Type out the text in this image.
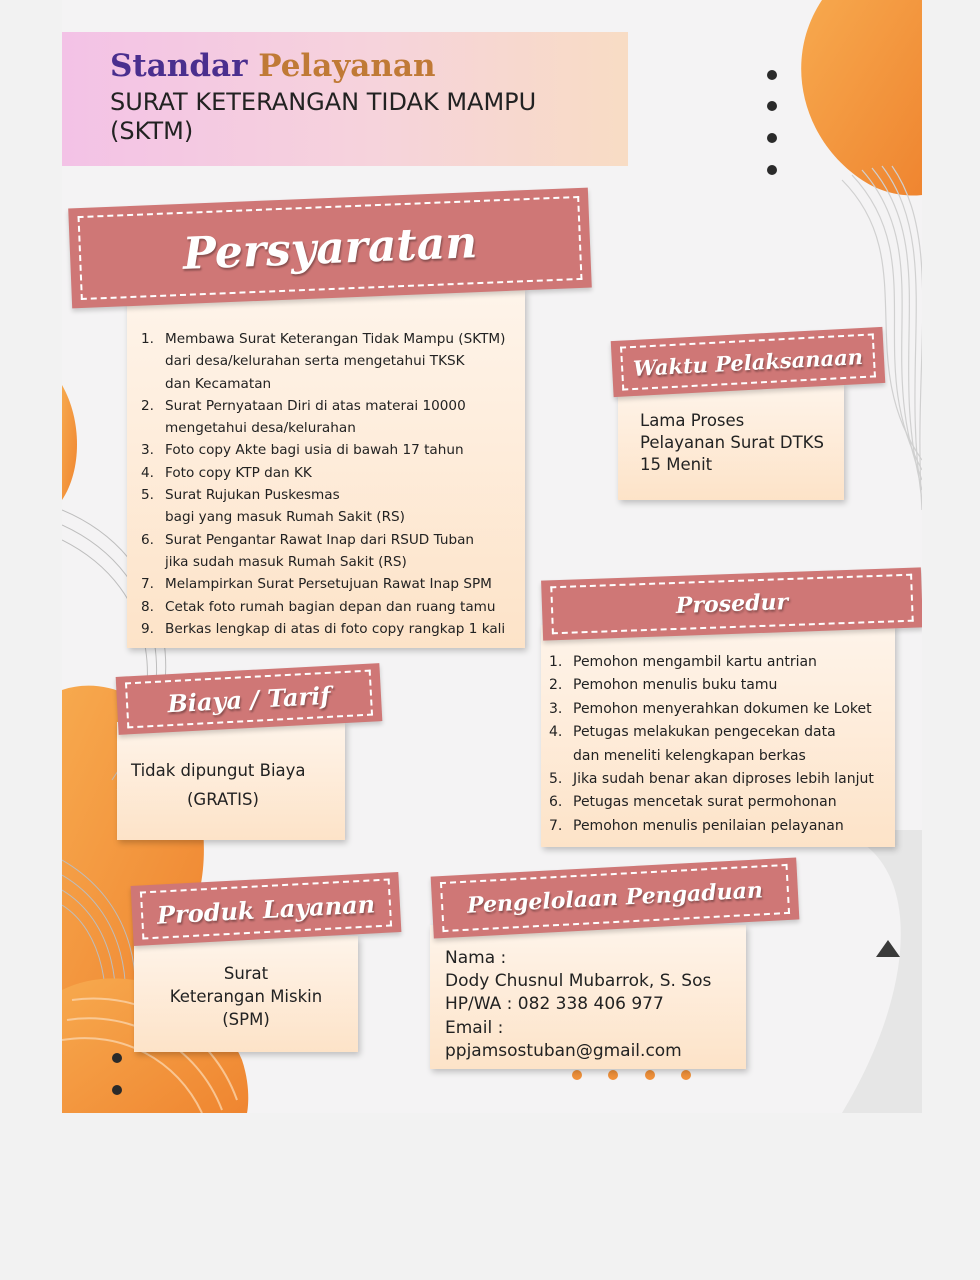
Standar Pelayanan
SURAT KETERANGAN TIDAK MAMPU
(SKTM)
1. Membawa Surat Keterangan Tidak Mampu (SKTM)
dari desa/kelurahan serta mengetahui TKSK
dan Kecamatan
2. Surat Pernyataan Diri di atas materai 10000
mengetahui desa/kelurahan
3. Foto copy Akte bagi usia di bawah 17 tahun
4. Foto copy KTP dan KK
5. Surat Rujukan Puskesmas
bagi yang masuk Rumah Sakit (RS)
6. Surat Pengantar Rawat Inap dari RSUD Tuban
jika sudah masuk Rumah Sakit (RS)
7. Melampirkan Surat Persetujuan Rawat Inap SPM
8. Cetak foto rumah bagian depan dan ruang tamu
9. Berkas lengkap di atas di foto copy rangkap 1 kali
Persyaratan
Lama Proses
Pelayanan Surat DTKS
15 Menit
Waktu Pelaksanaan
1. Pemohon mengambil kartu antrian
2. Pemohon menulis buku tamu
3. Pemohon menyerahkan dokumen ke Loket
4. Petugas melakukan pengecekan data
dan meneliti kelengkapan berkas
5. Jika sudah benar akan diproses lebih lanjut
6. Petugas mencetak surat permohonan
7. Pemohon menulis penilaian pelayanan
Prosedur
Tidak dipungut Biaya
(GRATIS)
Biaya / Tarif
Surat
Keterangan Miskin
(SPM)
Produk Layanan
Nama :
Dody Chusnul Mubarrok, S. Sos
HP/WA : 082 338 406 977
Email :
ppjamsostuban@gmail.com
Pengelolaan Pengaduan
